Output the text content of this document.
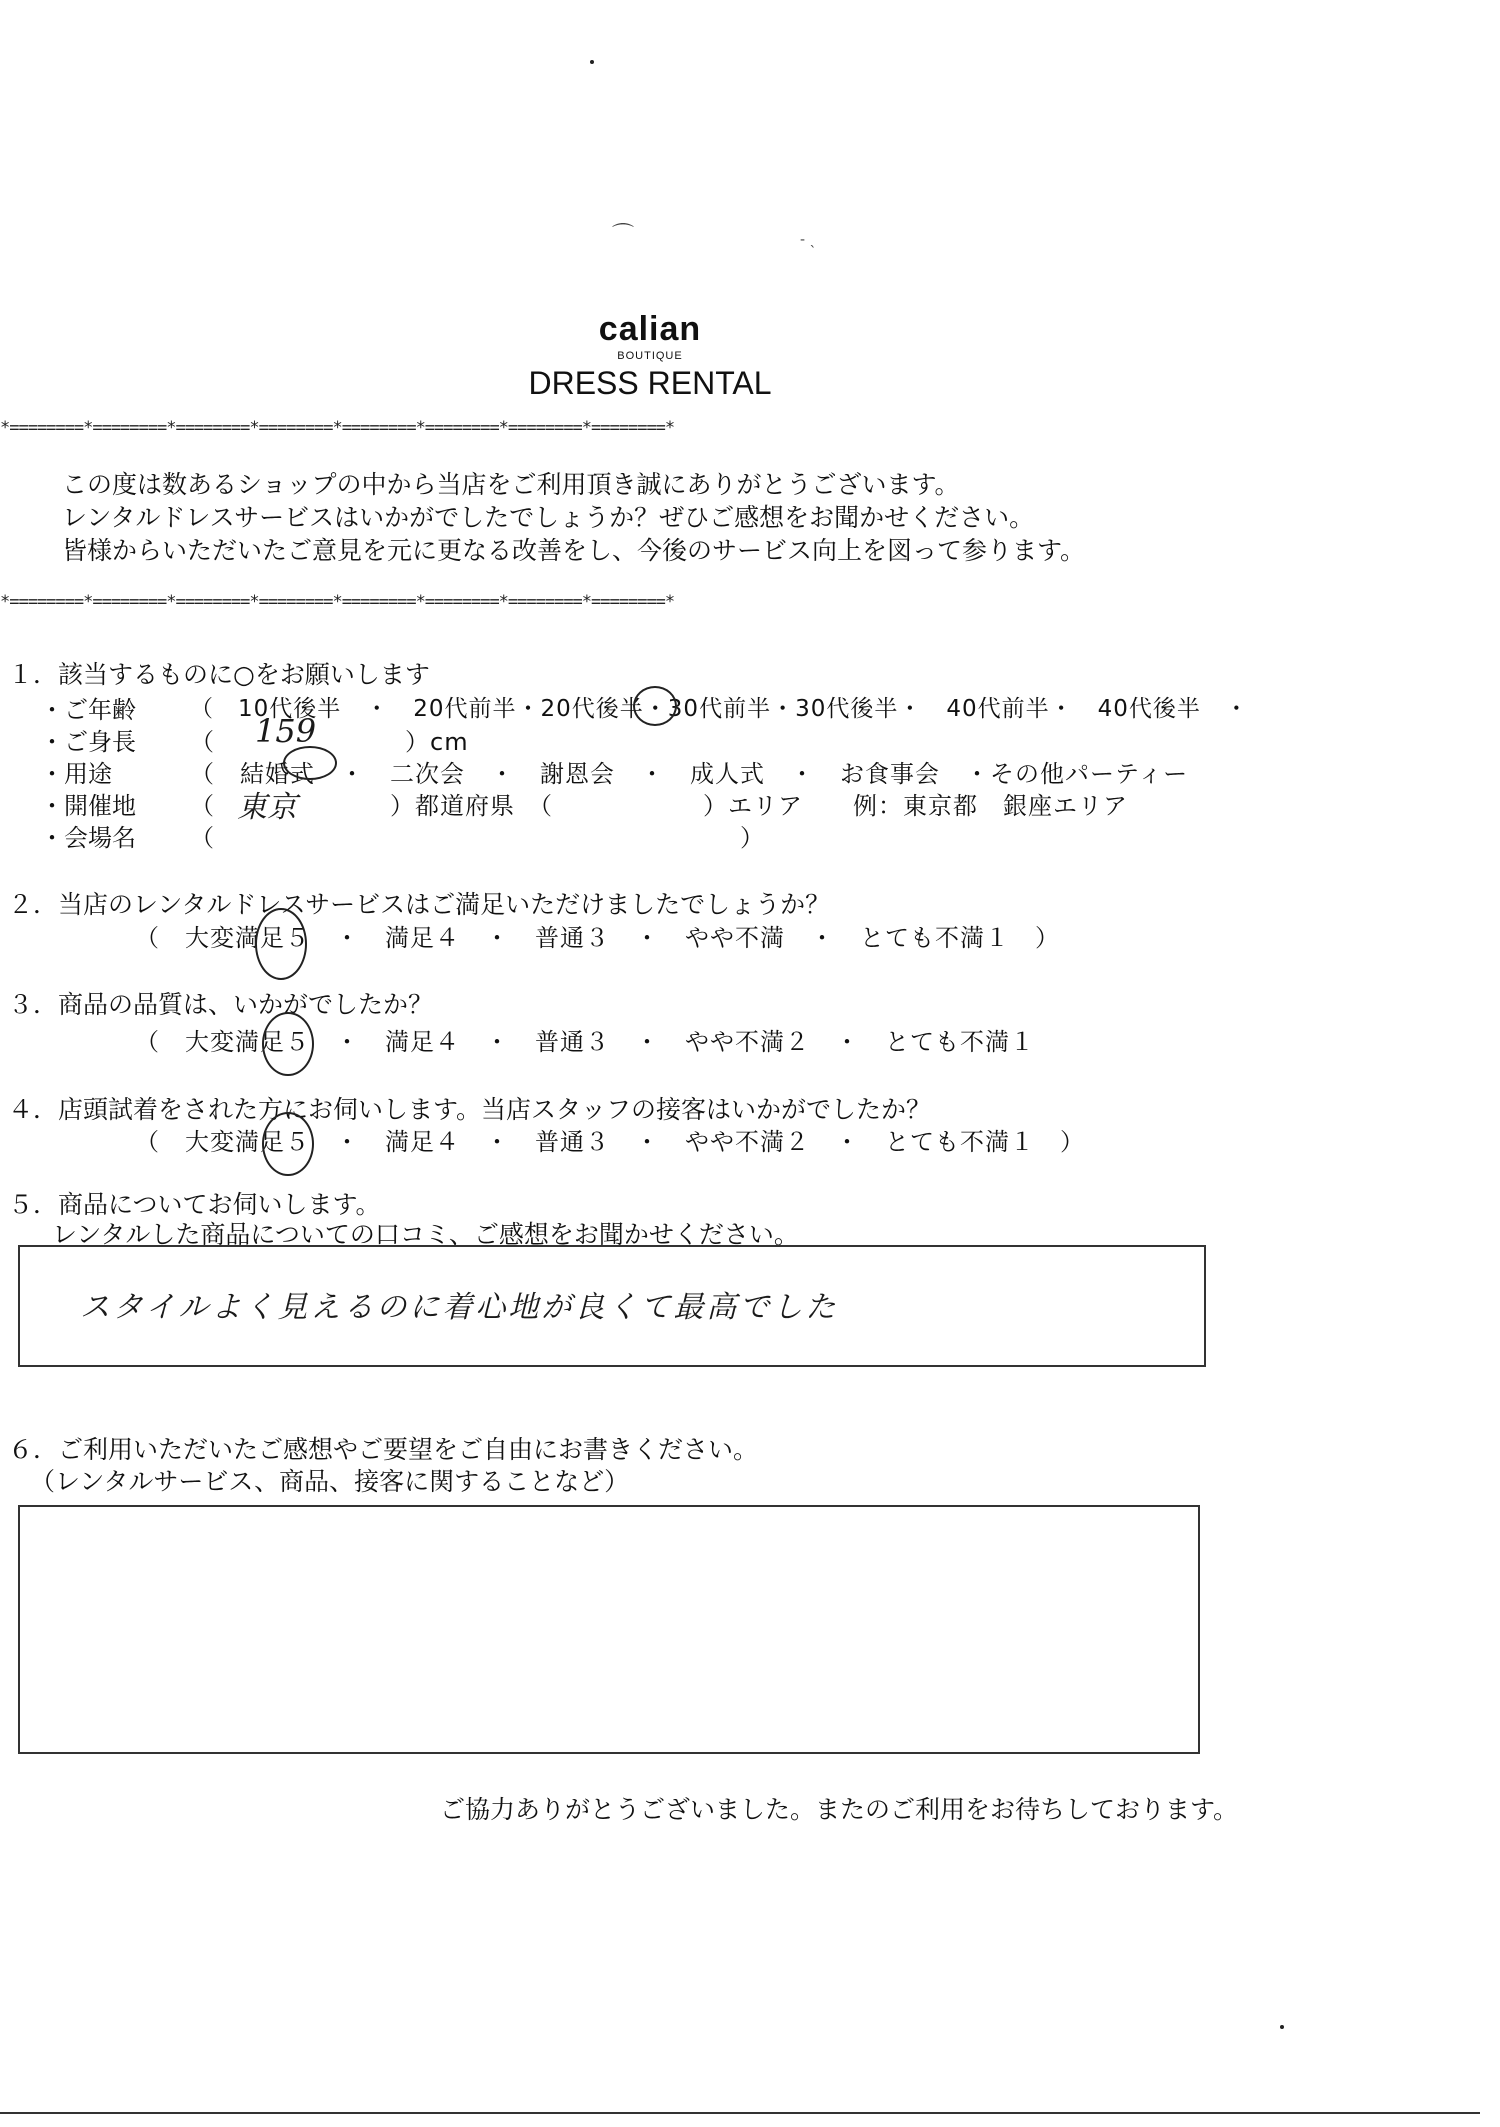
⌒	- ˎ
calian
BOUTIQUE
DRESS RENTAL
*========*========*========*========*========*========*========*========*
この度は数あるショップの中から当店をご利用頂き誠にありがとうございます。
レンタルドレスサービスはいかがでしたでしょうか？ぜひご感想をお聞かせください。
皆様からいただいたご意見を元に更なる改善をし、今後のサービス向上を図って参ります。
*========*========*========*========*========*========*========*========*
１．該当するものに○をお願いします
・ご年齢 （　10代後半　・　20代前半・20代後半・30代前半・30代後半・　40代前半・　40代後半　・
・ご身長 （ 159	）cm
・用途	（　結婚式　・　二次会　・　謝恩会　・　成人式　・　お食事会　・その他パーティー
・開催地 （ 東京	）都道府県　（　　　　　　）エリア　　例：東京都　銀座エリア
・会場名 （　　　　　　　　　　　　　　　　　　　　　）
２．当店のレンタルドレスサービスはご満足いただけましたでしょうか？
（　大変満足５　・　満足４　・　普通３　・　やや不満　・　とても不満１　）
３．商品の品質は、いかがでしたか？
（　大変満足５　・　満足４　・　普通３　・　やや不満２　・　とても不満１
４．店頭試着をされた方にお伺いします。当店スタッフの接客はいかがでしたか？
（　大変満足５　・　満足４　・　普通３　・　やや不満２　・　とても不満１　）
５．商品についてお伺いします。
レンタルした商品についての口コミ、ご感想をお聞かせください。
スタイルよく見えるのに着心地が良くて最高でした
６．ご利用いただいたご感想やご要望をご自由にお書きください。
（レンタルサービス、商品、接客に関することなど）
ご協力ありがとうございました。またのご利用をお待ちしております。
